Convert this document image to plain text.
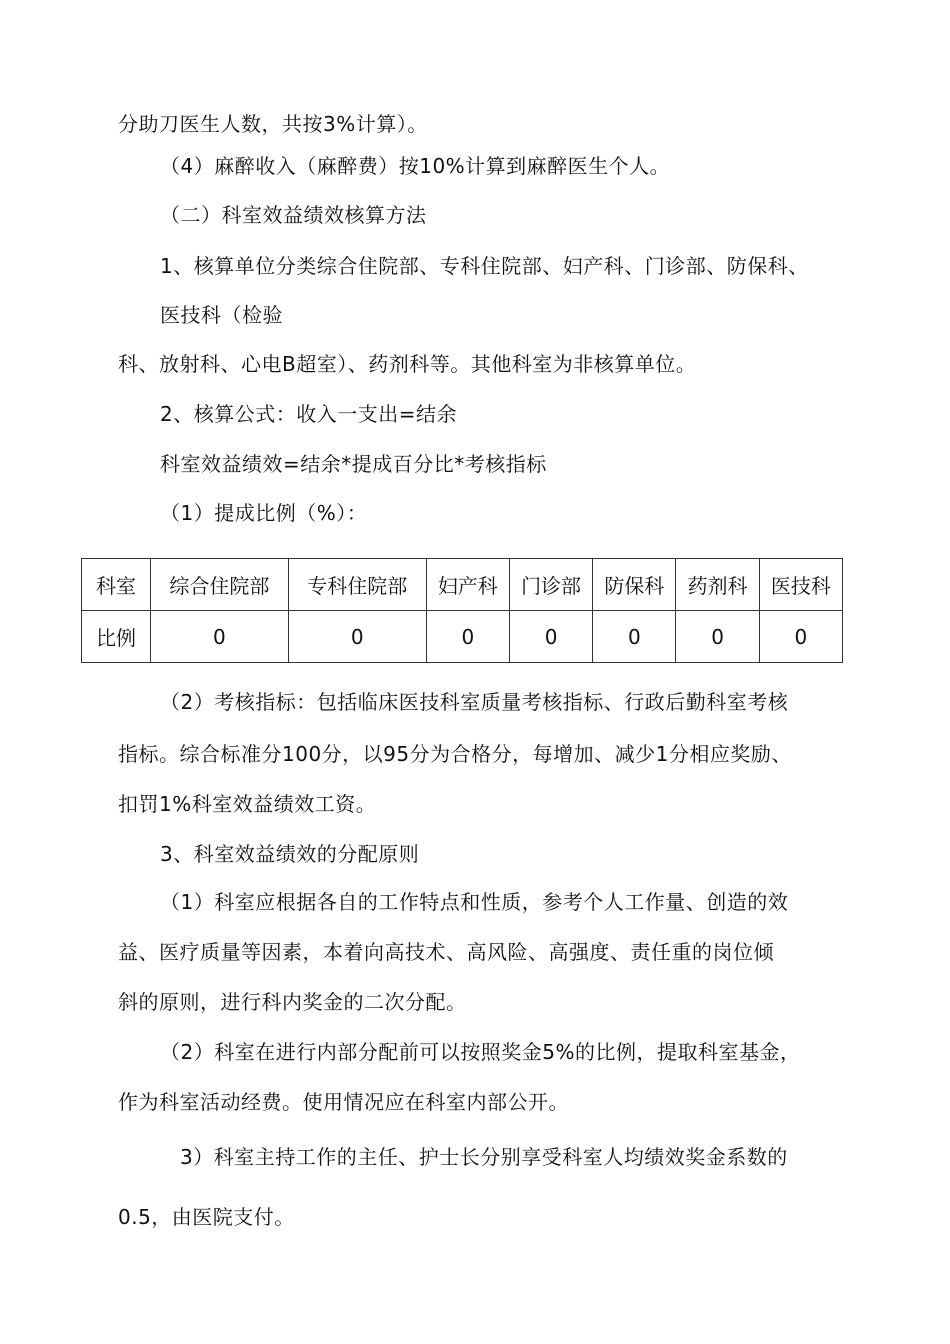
分助刀医生人数，共按3%计算）。
（4）麻醉收入（麻醉费）按10%计算到麻醉医生个人。
（二）科室效益绩效核算方法
1、核算单位分类综合住院部、专科住院部、妇产科、门诊部、防保科、
医技科（检验
科、放射科、心电B超室）、药剂科等。其他科室为非核算单位。
2、核算公式：收入一支出=结余
科室效益绩效=结余*提成百分比*考核指标
（1）提成比例（%）：
科室	综合住院部	专科住院部	妇产科	门诊部	防保科	药剂科	医技科
比例	0	0	0	0	0	0	0
（2）考核指标：包括临床医技科室质量考核指标、行政后勤科室考核
指标。综合标准分100分，以95分为合格分，每增加、减少1分相应奖励、
扣罚1%科室效益绩效工资。
3、科室效益绩效的分配原则
（1）科室应根据各自的工作特点和性质，参考个人工作量、创造的效
益、医疗质量等因素，本着向高技术、高风险、高强度、责任重的岗位倾
斜的原则，进行科内奖金的二次分配。
（2）科室在进行内部分配前可以按照奖金5%的比例，提取科室基金，
作为科室活动经费。使用情况应在科室内部公开。
3）科室主持工作的主任、护士长分别享受科室人均绩效奖金系数的
0.5，由医院支付。
